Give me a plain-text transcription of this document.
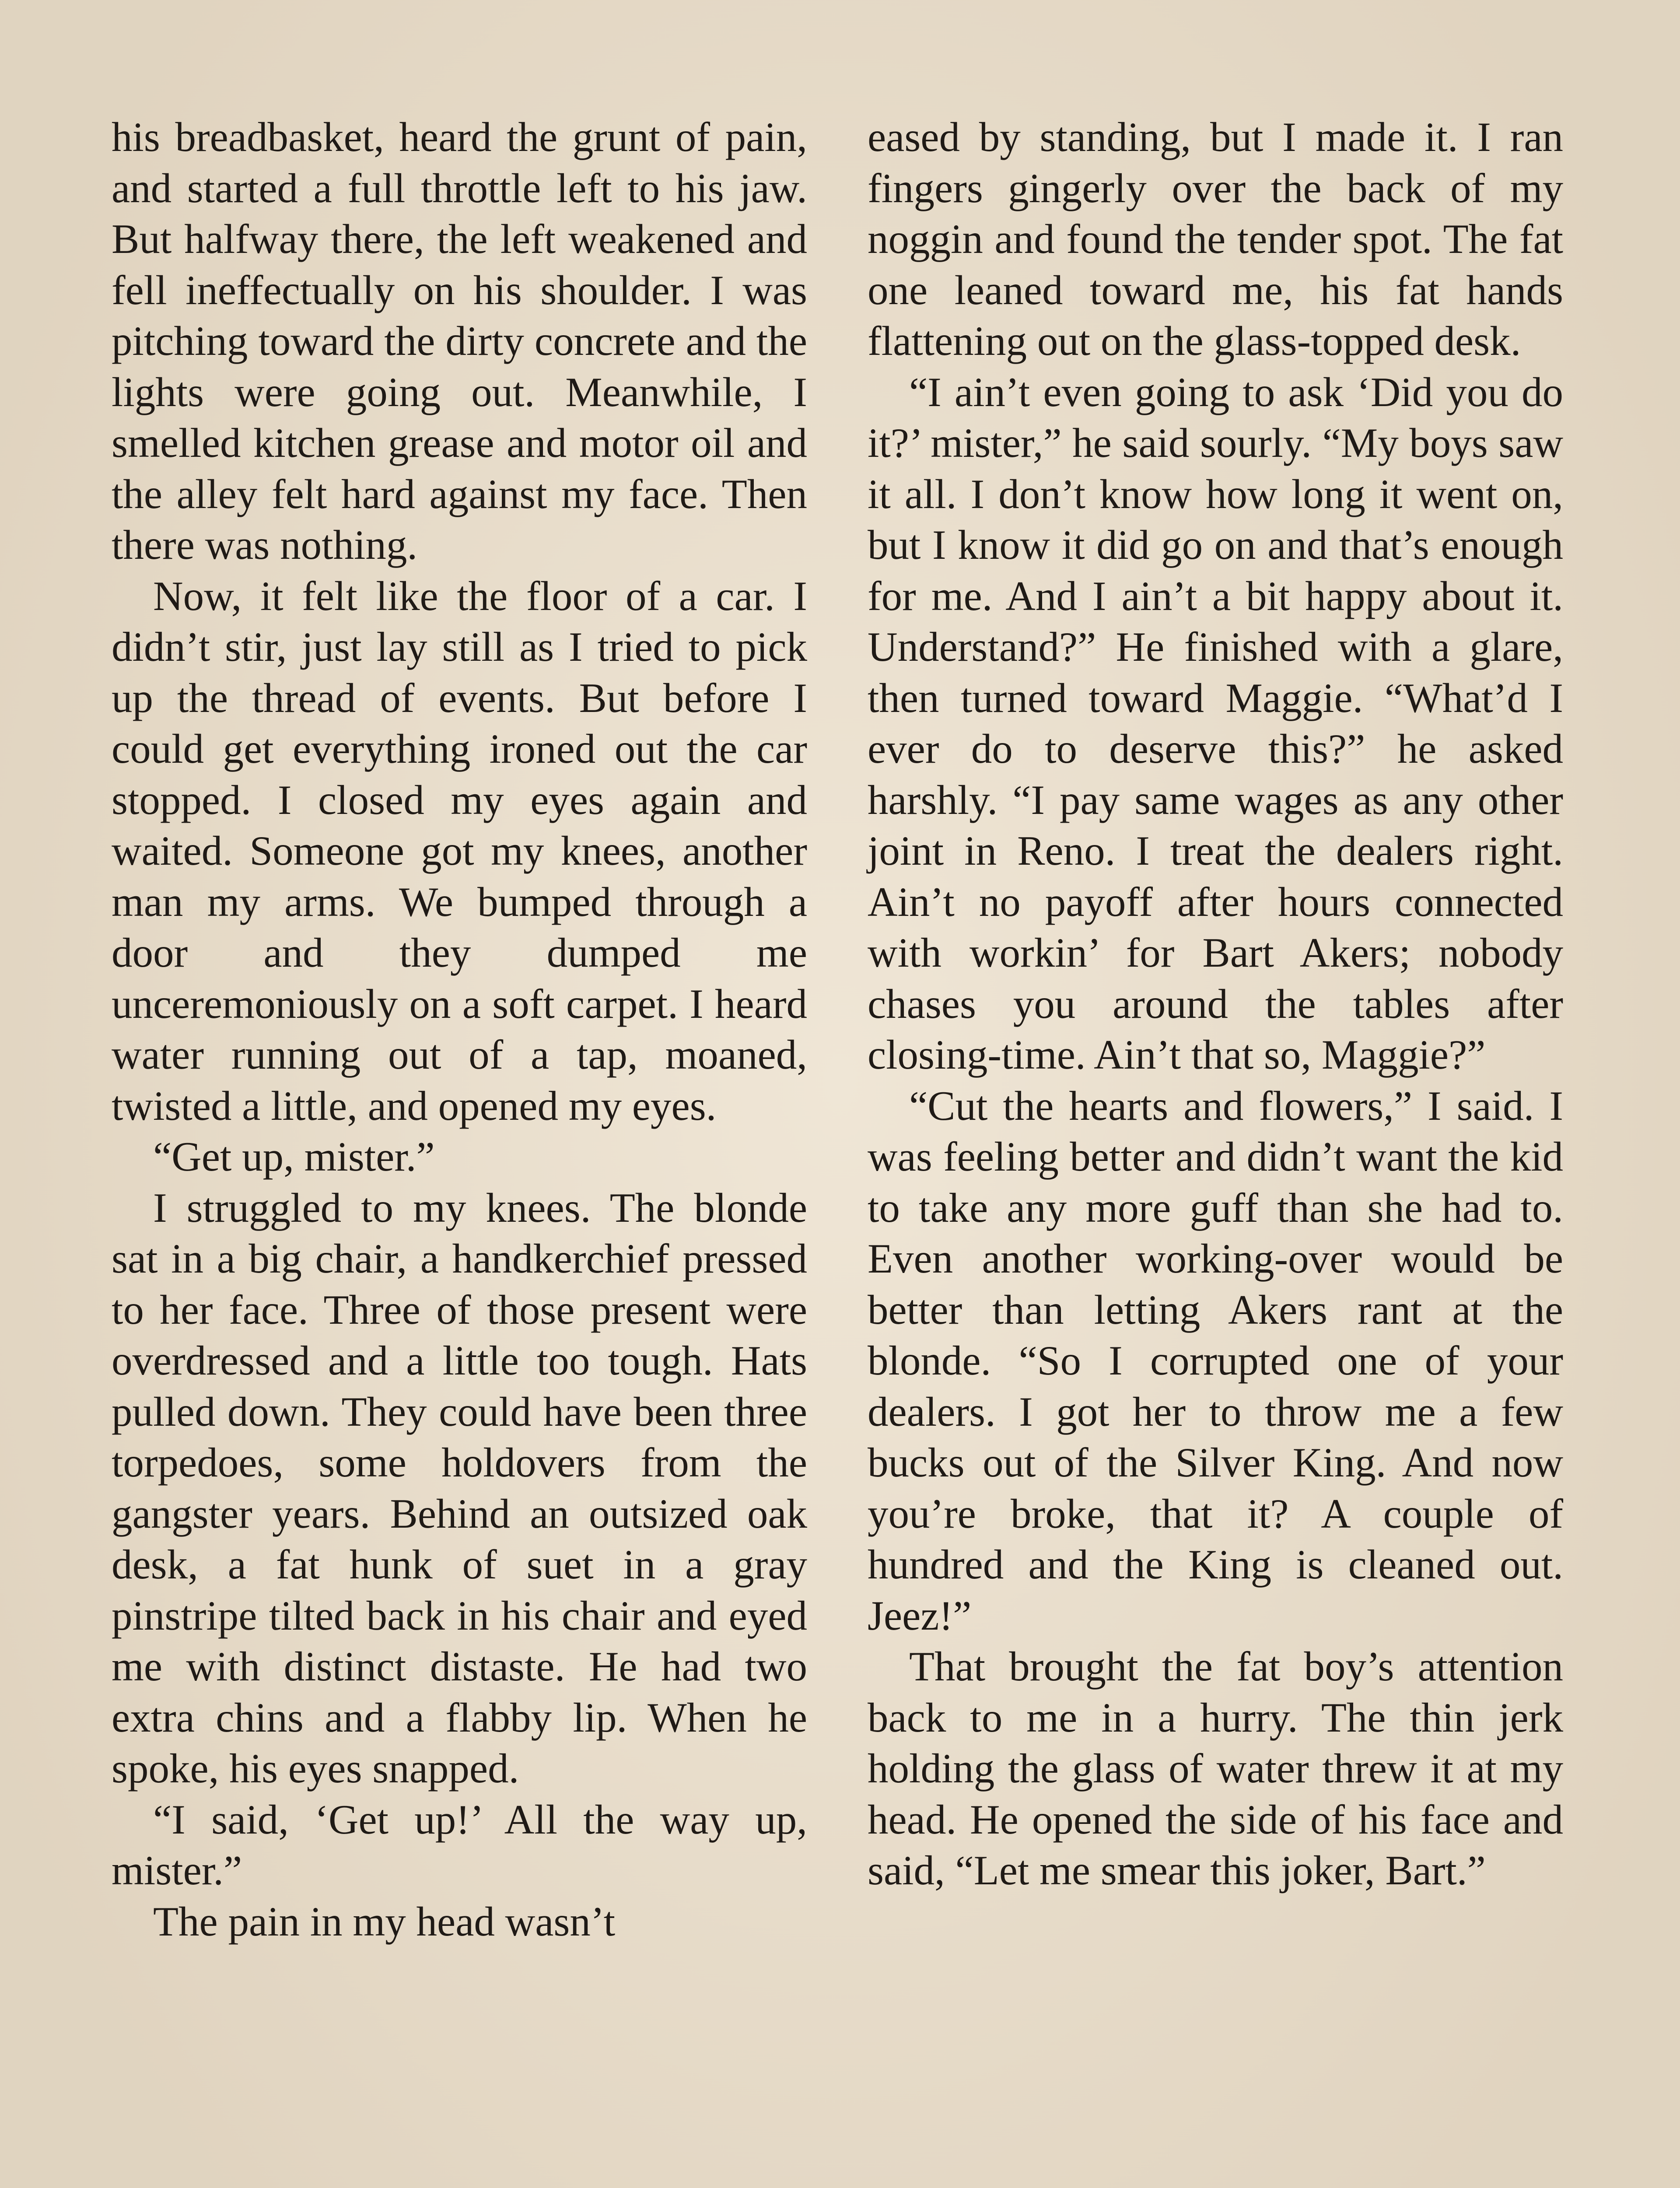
his breadbasket, heard the grunt of pain, and started a full throttle left to his jaw. But halfway there, the left weakened and fell ineffectually on his shoulder. I was pitching toward the dirty concrete and the lights were going out. Meanwhile, I smelled kitchen grease and motor oil and the alley felt hard against my face. Then there was nothing.

Now, it felt like the floor of a car. I didn’t stir, just lay still as I tried to pick up the thread of events. But before I could get everything ironed out the car stopped. I closed my eyes again and waited. Someone got my knees, another man my arms. We bumped through a door and they dumped me unceremoniously on a soft carpet. I heard water running out of a tap, moaned, twisted a little, and opened my eyes.

“Get up, mister.”

I struggled to my knees. The blonde sat in a big chair, a handkerchief pressed to her face. Three of those present were overdressed and a little too tough. Hats pulled down. They could have been three torpedoes, some holdovers from the gangster years. Behind an outsized oak desk, a fat hunk of suet in a gray pinstripe tilted back in his chair and eyed me with distinct distaste. He had two extra chins and a flabby lip. When he spoke, his eyes snapped.

“I said, ‘Get up!’ All the way up, mister.”

The pain in my head wasn’t

eased by standing, but I made it. I ran fingers gingerly over the back of my noggin and found the tender spot. The fat one leaned toward me, his fat hands flattening out on the glass-topped desk.

“I ain’t even going to ask ‘Did you do it?’ mister,” he said sourly. “My boys saw it all. I don’t know how long it went on, but I know it did go on and that’s enough for me. And I ain’t a bit happy about it. Understand?” He finished with a glare, then turned toward Maggie. “What’d I ever do to deserve this?” he asked harshly. “I pay same wages as any other joint in Reno. I treat the dealers right. Ain’t no payoff after hours connected with workin’ for Bart Akers; nobody chases you around the tables after closing-time. Ain’t that so, Maggie?”

“Cut the hearts and flowers,” I said. I was feeling better and didn’t want the kid to take any more guff than she had to. Even another working-over would be better than letting Akers rant at the blonde. “So I corrupted one of your dealers. I got her to throw me a few bucks out of the Silver King. And now you’re broke, that it? A couple of hundred and the King is cleaned out. Jeez!”

That brought the fat boy’s attention back to me in a hurry. The thin jerk holding the glass of water threw it at my head. He opened the side of his face and said, “Let me smear this joker, Bart.”
